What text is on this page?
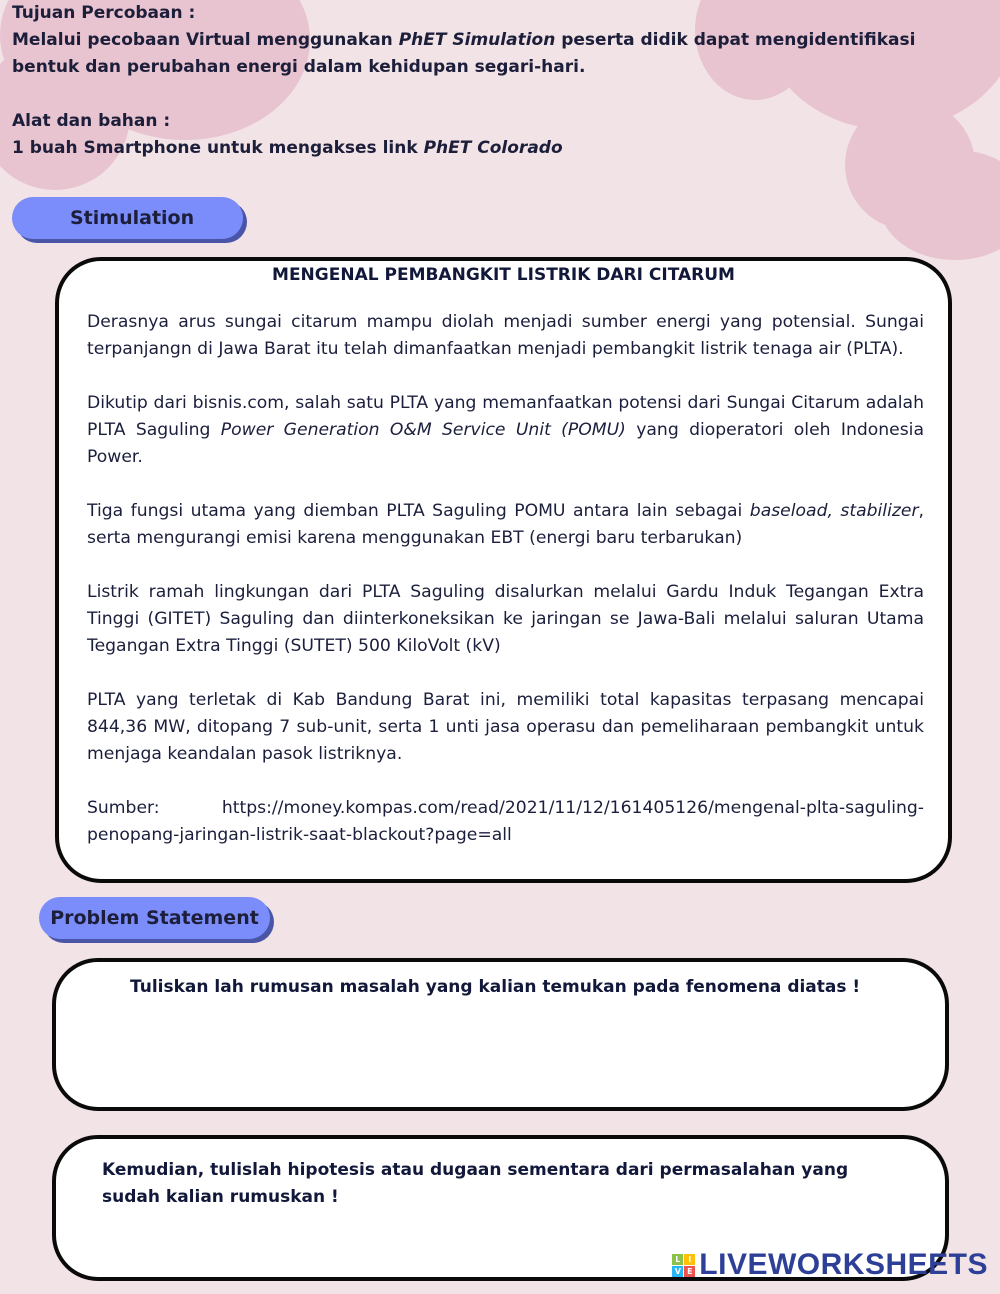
Tujuan Percobaan :

Melalui pecobaan Virtual menggunakan PhET Simulation peserta didik dapat mengidentifikasi bentuk dan perubahan energi dalam kehidupan segari-hari.

Alat dan bahan :

1 buah Smartphone untuk mengakses link PhET Colorado

Stimulation
MENGENAL PEMBANGKIT LISTRIK DARI CITARUM

Derasnya arus sungai citarum mampu diolah menjadi sumber energi yang potensial. Sungai terpanjangn di Jawa Barat itu telah dimanfaatkan menjadi pembangkit listrik tenaga air (PLTA).

Dikutip dari bisnis.com, salah satu PLTA yang memanfaatkan potensi dari Sungai Citarum adalah PLTA Saguling Power Generation O&M Service Unit (POMU) yang dioperatori oleh Indonesia Power.

Tiga fungsi utama yang diemban PLTA Saguling POMU antara lain sebagai baseload, stabilizer, serta mengurangi emisi karena menggunakan EBT (energi baru terbarukan)

Listrik ramah lingkungan dari PLTA Saguling disalurkan melalui Gardu Induk Tegangan Extra Tinggi (GITET) Saguling dan diinterkoneksikan ke jaringan se Jawa-Bali melalui saluran Utama Tegangan Extra Tinggi (SUTET) 500 KiloVolt (kV)

PLTA yang terletak di Kab Bandung Barat ini, memiliki total kapasitas terpasang mencapai 844,36 MW, ditopang 7 sub-unit, serta 1 unti jasa operasu dan pemeliharaan pembangkit untuk menjaga keandalan pasok listriknya.

Sumber: https://money.kompas.com/read/2021/11/12/161405126/mengenal-plta-saguling-penopang-jaringan-listrik-saat-blackout?page=all

Problem Statement
Tuliskan lah rumusan masalah yang kalian temukan pada fenomena diatas !
Kemudian, tulislah hipotesis atau dugaan sementara dari permasalahan yang sudah kalian rumuskan !
L I
V E LIVEWORKSHEETS
